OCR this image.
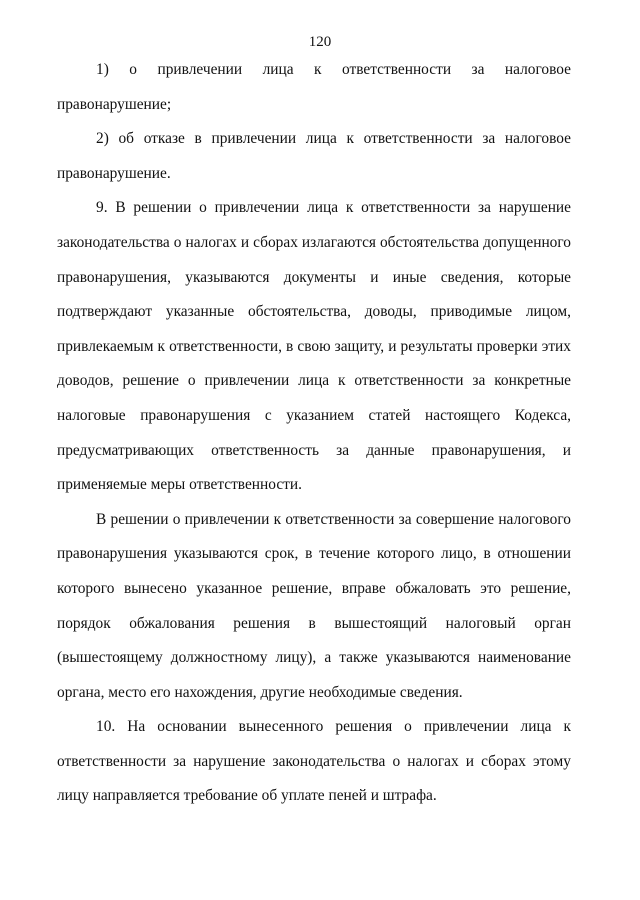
120

1) о привлечении лица к ответственности за налоговое правонарушение;

2) об отказе в привлечении лица к ответственности за налоговое правонарушение.

9. В решении о привлечении лица к ответственности за нарушение законодательства о налогах и сборах излагаются обстоятельства допущенного правонарушения, указываются документы и иные сведения, которые подтверждают указанные обстоятельства, доводы, приводимые лицом, привлекаемым к ответственности, в свою защиту, и результаты проверки этих доводов, решение о привлечении лица к ответственности за конкретные налоговые правонарушения с указанием статей настоящего Кодекса, предусматривающих ответственность за данные правонарушения, и применяемые меры ответственности.

В решении о привлечении к ответственности за совершение налогового правонарушения указываются срок, в течение которого лицо, в отношении которого вынесено указанное решение, вправе обжаловать это решение, порядок обжалования решения в вышестоящий налоговый орган (вышестоящему должностному лицу), а также указываются наименование органа, место его нахождения, другие необходимые сведения.

10. На основании вынесенного решения о привлечении лица к ответственности за нарушение законодательства о налогах и сборах этому лицу направляется требование об уплате пеней и штрафа.
